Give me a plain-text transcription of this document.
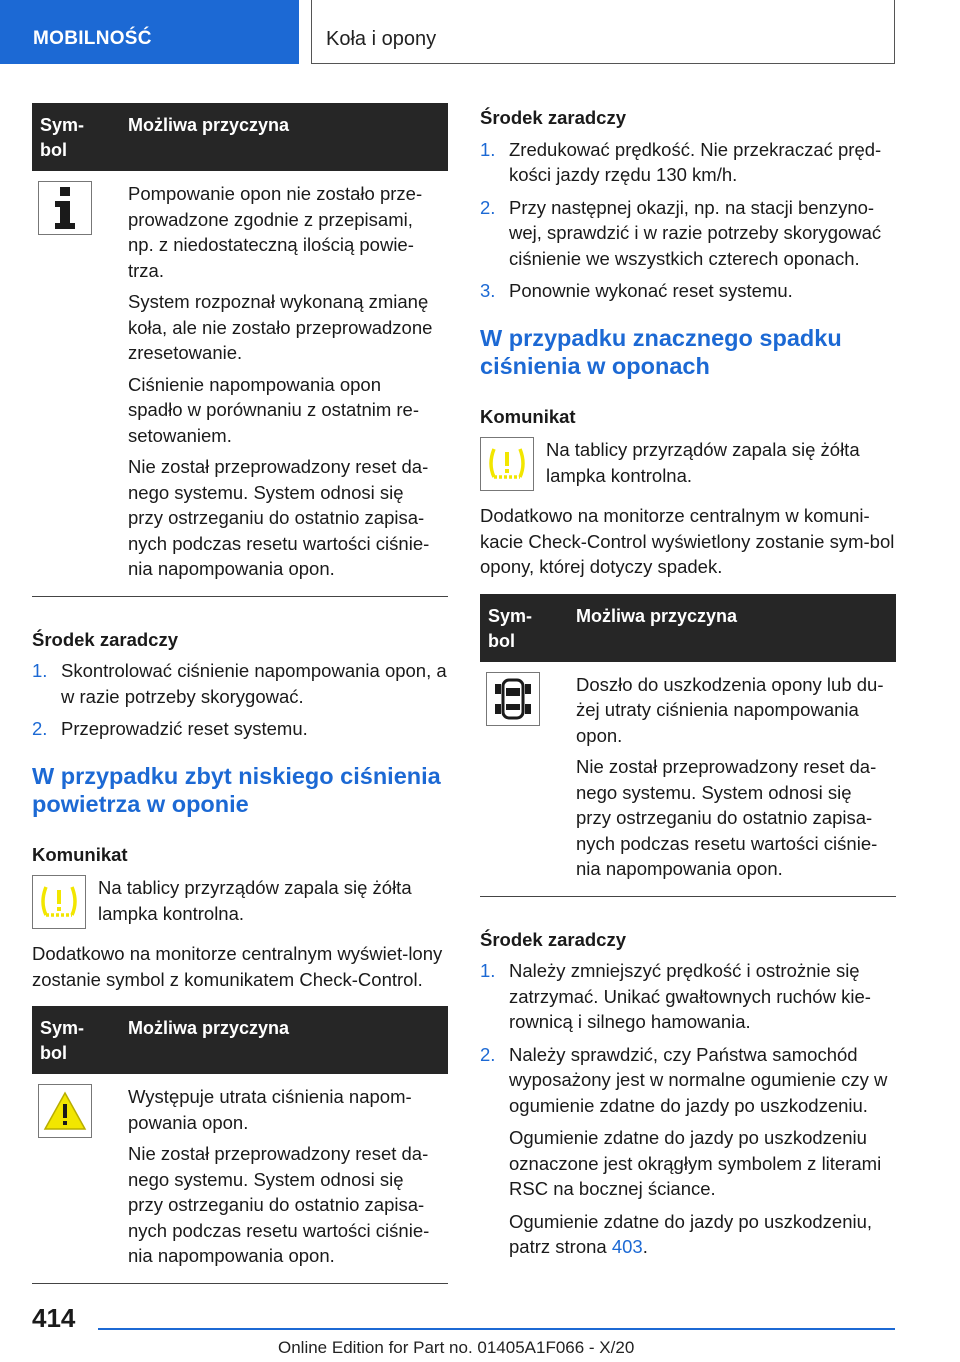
MOBILNOŚĆ	Koła i opony
Sym-
bol	Możliwa przyczyna

Pompowanie opon nie zostało prze-prowadzone zgodnie z przepisami, np. z niedostateczną ilością powie-trza.

System rozpoznał wykonaną zmianę koła, ale nie zostało przeprowadzone zresetowanie.

Ciśnienie napompowania opon spadło w porównaniu z ostatnim re-setowaniem.

Nie został przeprowadzony reset da-nego systemu. System odnosi się przy ostrzeganiu do ostatnio zapisa-nych podczas resetu wartości ciśnie-nia napompowania opon.

Środek zaradczy
1. Skontrolować ciśnienie napompowania opon, a w razie potrzeby skorygować.
2. Przeprowadzić reset systemu.
W przypadku zbyt niskiego ciśnienia powietrza w oponie
Komunikat
Na tablicy przyrządów zapala się żółta lampka kontrolna.
Dodatkowo na monitorze centralnym wyświet-lony zostanie symbol z komunikatem Check-Control.
Sym-
bol	Możliwa przyczyna

Występuje utrata ciśnienia napom-powania opon.

Nie został przeprowadzony reset da-nego systemu. System odnosi się przy ostrzeganiu do ostatnio zapisa-nych podczas resetu wartości ciśnie-nia napompowania opon.

Środek zaradczy
1. Zredukować prędkość. Nie przekraczać pręd-kości jazdy rzędu 130 km/h.
2. Przy następnej okazji, np. na stacji benzyno-wej, sprawdzić i w razie potrzeby skorygować ciśnienie we wszystkich czterech oponach.
3. Ponownie wykonać reset systemu.
W przypadku znacznego spadku ciśnienia w oponach
Komunikat
Na tablicy przyrządów zapala się żółta lampka kontrolna.
Dodatkowo na monitorze centralnym w komuni-kacie Check-Control wyświetlony zostanie sym-bol opony, której dotyczy spadek.
Sym-
bol	Możliwa przyczyna

Doszło do uszkodzenia opony lub du-żej utraty ciśnienia napompowania opon.

Nie został przeprowadzony reset da-nego systemu. System odnosi się przy ostrzeganiu do ostatnio zapisa-nych podczas resetu wartości ciśnie-nia napompowania opon.

Środek zaradczy
1. Należy zmniejszyć prędkość i ostrożnie się zatrzymać. Unikać gwałtownych ruchów kie-rownicą i silnego hamowania.
2. Należy sprawdzić, czy Państwa samochód wyposażony jest w normalne ogumienie czy w ogumienie zdatne do jazdy po uszkodzeniu.

Ogumienie zdatne do jazdy po uszkodzeniu oznaczone jest okrągłym symbolem z literami RSC na bocznej ściance.

Ogumienie zdatne do jazdy po uszkodzeniu, patrz strona 403.

414
Online Edition for Part no. 01405A1F066 - X/20
